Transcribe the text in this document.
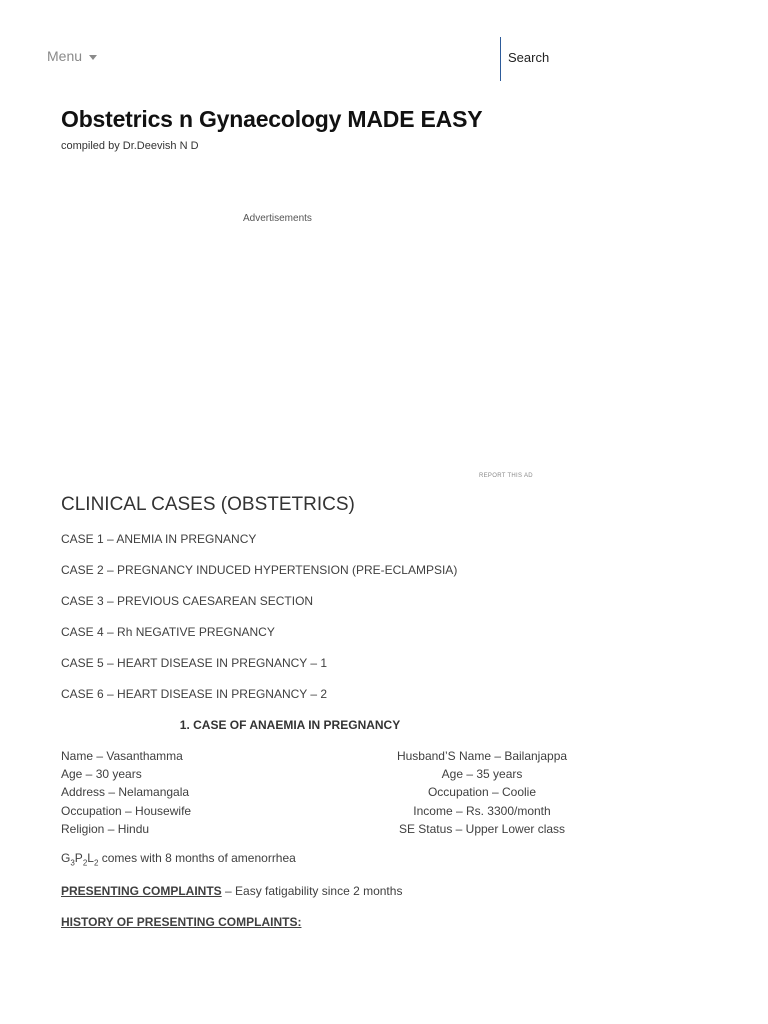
Menu
Search
Obstetrics n Gynaecology MADE EASY
compiled by Dr.Deevish N D
Advertisements
REPORT THIS AD
CLINICAL CASES (OBSTETRICS)
CASE 1 – ANEMIA IN PREGNANCY
CASE 2 – PREGNANCY INDUCED HYPERTENSION (PRE-ECLAMPSIA)
CASE 3 – PREVIOUS CAESAREAN SECTION
CASE 4 – Rh NEGATIVE PREGNANCY
CASE 5 – HEART DISEASE IN PREGNANCY – 1
CASE 6 – HEART DISEASE IN PREGNANCY – 2
1. CASE OF ANAEMIA IN PREGNANCY
Name – Vasanthamma
Age – 30 years
Address – Nelamangala
Occupation – Housewife
Religion – Hindu
Husband’S Name – Bailanjappa
Age – 35 years
Occupation – Coolie
Income – Rs. 3300/month
SE Status – Upper Lower class
$G_3P_2L_2$ comes with 8 months of amenorrhea

PRESENTING COMPLAINTS – Easy fatigability since 2 months

HISTORY OF PRESENTING COMPLAINTS:
